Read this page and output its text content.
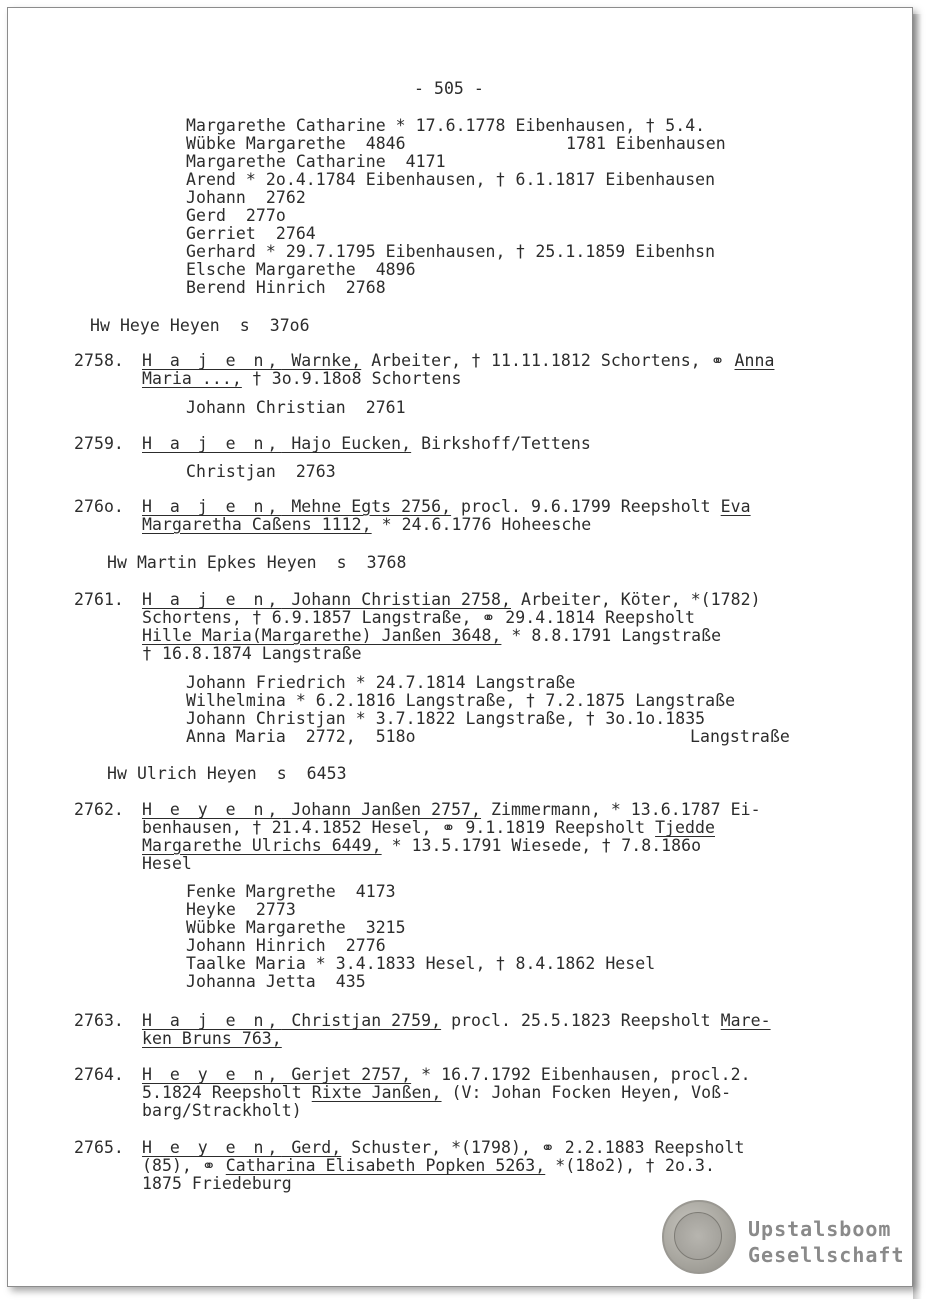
- 505 -
Margarethe Catharine * 17.6.1778 Eibenhausen, † 5.4.
Wübke Margarethe  4846	1781 Eibenhausen
Margarethe Catharine  4171
Arend * 2o.4.1784 Eibenhausen, † 6.1.1817 Eibenhausen
Johann  2762
Gerd  277o
Gerriet  2764
Gerhard * 29.7.1795 Eibenhausen, † 25.1.1859 Eibenhsn
Elsche Margarethe  4896
Berend Hinrich  2768
Hw Heye Heyen  s  37o6
2758. H a j e n, Warnke, Arbeiter, † 11.11.1812 Schortens, ⚭ Anna
Maria ..., † 3o.9.18o8 Schortens
Johann Christian  2761
2759. H a j e n, Hajo Eucken, Birkshoff/Tettens
Christjan  2763
276o. H a j e n, Mehne Egts 2756, procl. 9.6.1799 Reepsholt Eva
Margaretha Caßens 1112, * 24.6.1776 Hoheesche
Hw Martin Epkes Heyen  s  3768
2761. H a j e n, Johann Christian 2758, Arbeiter, Köter, *(1782)
Schortens, † 6.9.1857 Langstraße, ⚭ 29.4.1814 Reepsholt
Hille Maria(Margarethe) Janßen 3648, * 8.8.1791 Langstraße
† 16.8.1874 Langstraße
Johann Friedrich * 24.7.1814 Langstraße
Wilhelmina * 6.2.1816 Langstraße, † 7.2.1875 Langstraße
Johann Christjan * 3.7.1822 Langstraße, † 3o.1o.1835
Anna Maria  2772,  518o	Langstraße
Hw Ulrich Heyen  s  6453
2762. H e y e n, Johann Janßen 2757, Zimmermann, * 13.6.1787 Ei-
benhausen, † 21.4.1852 Hesel, ⚭ 9.1.1819 Reepsholt Tjedde
Margarethe Ulrichs 6449, * 13.5.1791 Wiesede, † 7.8.186o
Hesel
Fenke Margrethe  4173
Heyke  2773
Wübke Margarethe  3215
Johann Hinrich  2776
Taalke Maria * 3.4.1833 Hesel, † 8.4.1862 Hesel
Johanna Jetta  435
2763. H a j e n, Christjan 2759, procl. 25.5.1823 Reepsholt Mare-
ken Bruns 763,
2764. H e y e n, Gerjet 2757, * 16.7.1792 Eibenhausen, procl.2.
5.1824 Reepsholt Rixte Janßen, (V: Johan Focken Heyen, Voß-
barg/Strackholt)
2765. H e y e n, Gerd, Schuster, *(1798), ⚭ 2.2.1883 Reepsholt
(85), ⚭ Catharina Elisabeth Popken 5263, *(18o2), † 2o.3.
1875 Friedeburg
Upstalsboom
Gesellschaft
